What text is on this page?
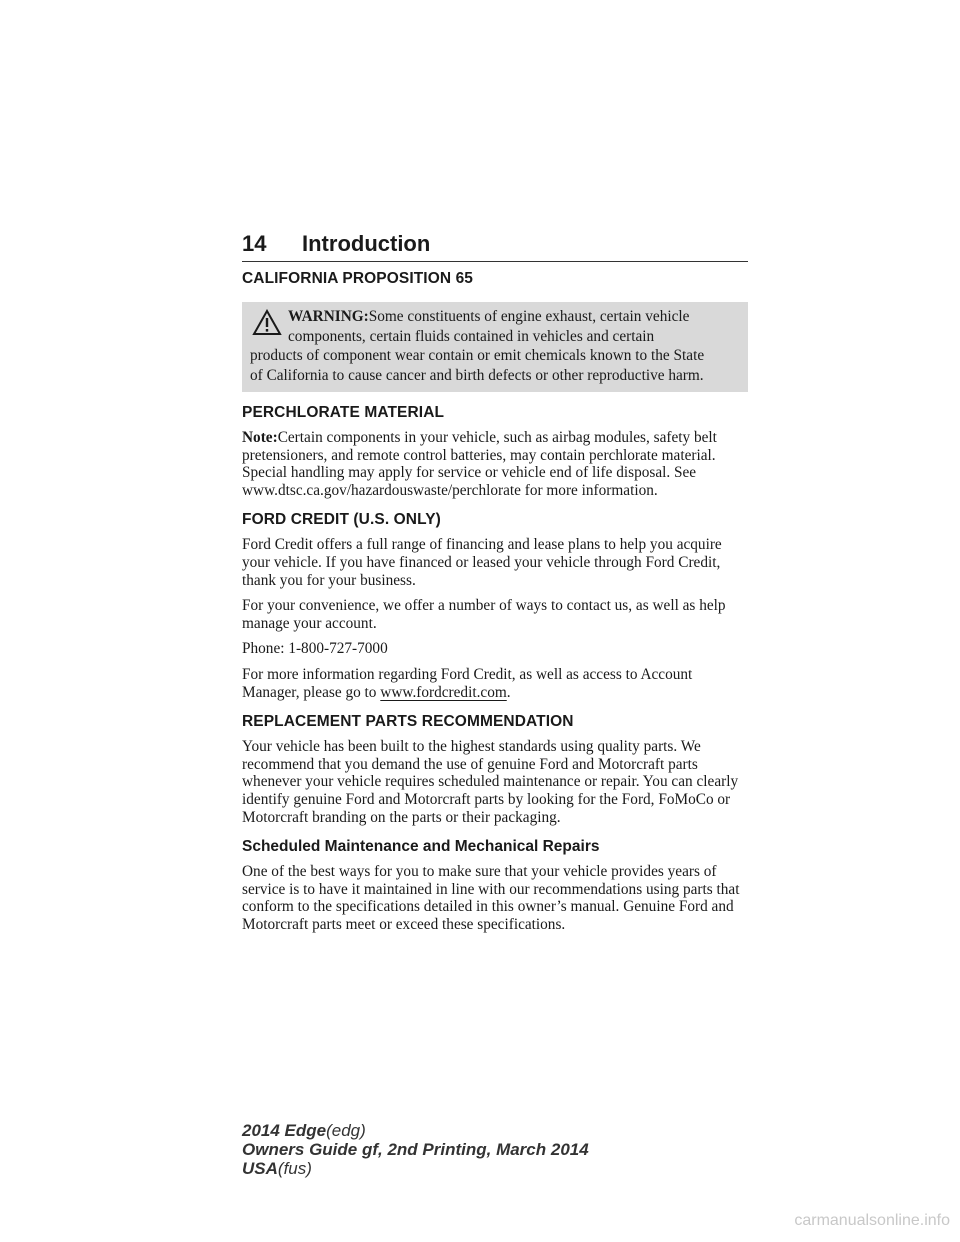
14 Introduction
CALIFORNIA PROPOSITION 65
WARNING:Some constituents of engine exhaust, certain vehicle
components, certain fluids contained in vehicles and certain
products of component wear contain or emit chemicals known to the State of California to cause cancer and birth defects or other reproductive harm.
PERCHLORATE MATERIAL

Note:Certain components in your vehicle, such as airbag modules, safety belt pretensioners, and remote control batteries, may contain perchlorate material. Special handling may apply for service or vehicle end of life disposal. See www.dtsc.ca.gov/hazardouswaste/perchlorate for more information.

FORD CREDIT (U.S. ONLY)

Ford Credit offers a full range of financing and lease plans to help you acquire your vehicle. If you have financed or leased your vehicle through Ford Credit, thank you for your business.

For your convenience, we offer a number of ways to contact us, as well as help manage your account.

Phone: 1-800-727-7000

For more information regarding Ford Credit, as well as access to Account Manager, please go to www.fordcredit.com.

REPLACEMENT PARTS RECOMMENDATION

Your vehicle has been built to the highest standards using quality parts. We recommend that you demand the use of genuine Ford and Motorcraft parts whenever your vehicle requires scheduled maintenance or repair. You can clearly identify genuine Ford and Motorcraft parts by looking for the Ford, FoMoCo or Motorcraft branding on the parts or their packaging.

Scheduled Maintenance and Mechanical Repairs

One of the best ways for you to make sure that your vehicle provides years of service is to have it maintained in line with our recommendations using parts that conform to the specifications detailed in this owner’s manual. Genuine Ford and Motorcraft parts meet or exceed these specifications.

2014 Edge(edg)
Owners Guide gf, 2nd Printing, March 2014
USA(fus)
carmanualsonline.info
